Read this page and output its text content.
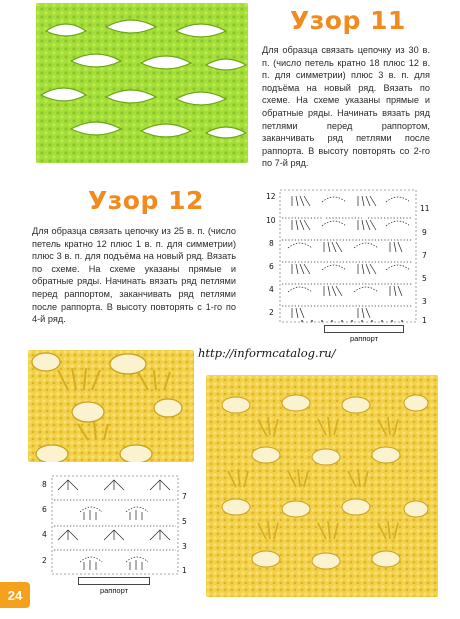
Узор 11
Для образца связать цепочку из 30 в. п. (число петель кратно 18 плюс 12 в. п. для симметрии) плюс 3 в. п. для подъёма на новый ряд. Вязать по схеме. На схеме указаны прямые и обратные ряды. Начинать вязать ряд петлями перед раппортом, заканчивать ряд петлями после раппорта. В высоту повторять со 2-го по 7-й ряд.
Узор 12
Для образца связать цепочку из 25 в. п. (число петель кратно 12 плюс 1 в. п. для симметрии) плюс 3 в. п. для подъёма на новый ряд. Вязать по схеме. На схеме указаны прямые и обратные ряды. Начинать вязать ряд петлями перед раппортом, заканчивать ряд петлями после раппорта. В высоту повторять с 1-го по 4-й ряд.
12
10
8
6
4
2
11
9
7
5
3
1
раппорт
http://informcatalog.ru/
8
6
4
2
7
5
3
1
раппорт
24
